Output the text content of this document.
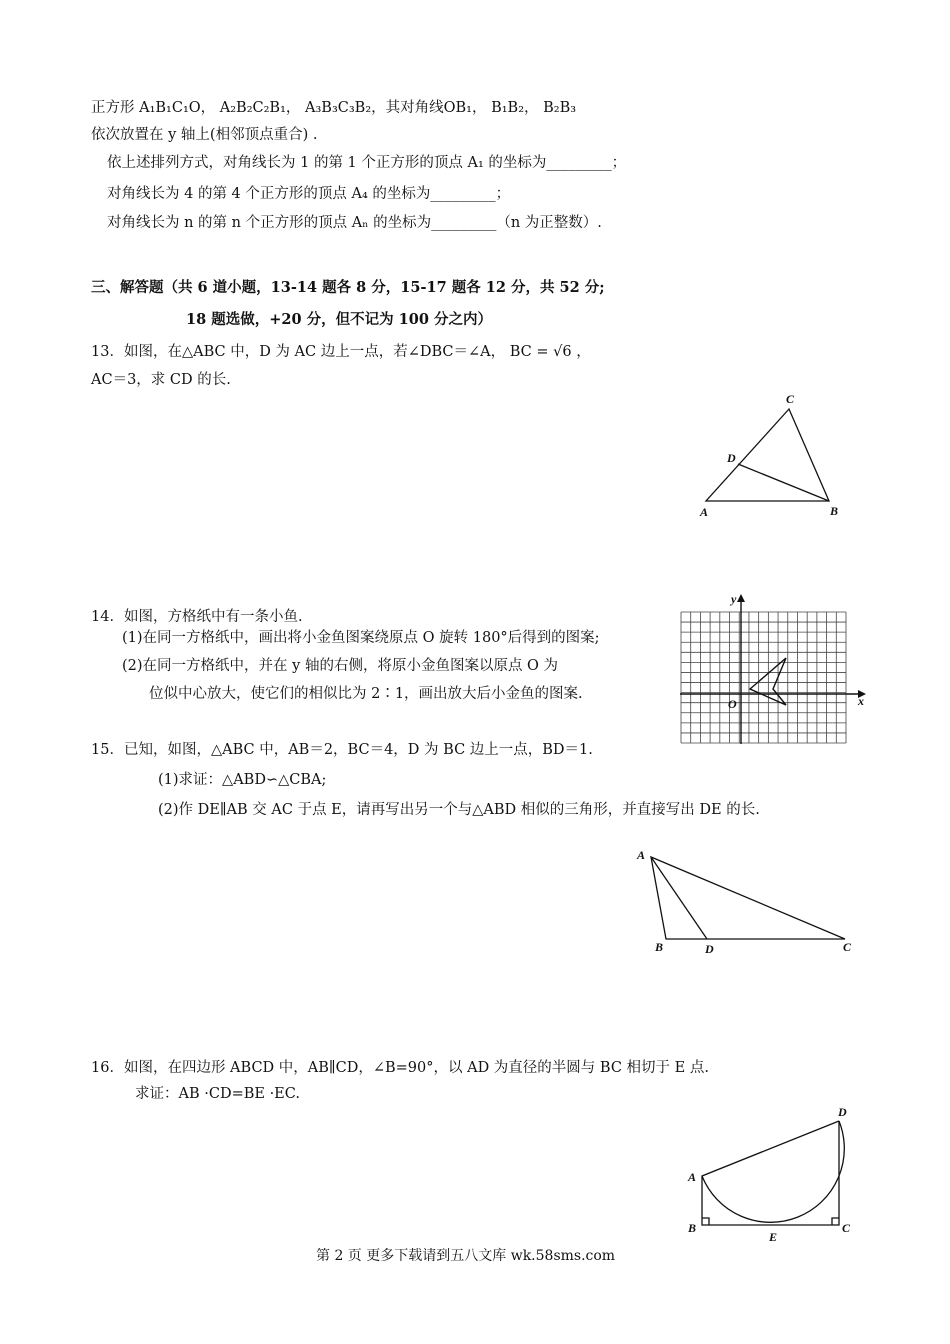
正方形 A₁B₁C₁O， A₂B₂C₂B₁， A₃B₃C₃B₂，其对角线OB₁， B₁B₂， B₂B₃
依次放置在 y 轴上(相邻顶点重合) .
依上述排列方式，对角线长为 1 的第 1 个正方形的顶点 A₁ 的坐标为_________；
对角线长为 4 的第 4 个正方形的顶点 A₄ 的坐标为_________；
对角线长为 n 的第 n 个正方形的顶点 Aₙ 的坐标为_________（n 为正整数）.
三、解答题（共 6 道小题，13-14 题各 8 分，15-17 题各 12 分，共 52 分;
18 题选做，+20 分，但不记为 100 分之内）
13．如图，在△ABC 中，D 为 AC 边上一点，若∠DBC＝∠A， BC = √6 ，
AC＝3，求 CD 的长.
C
D
A	B
14．如图，方格纸中有一条小鱼.
(1)在同一方格纸中，画出将小金鱼图案绕原点 O 旋转 180°后得到的图案;
(2)在同一方格纸中，并在 y 轴的右侧，将原小金鱼图案以原点 O 为
位似中心放大，使它们的相似比为 2∶1，画出放大后小金鱼的图案.	x
y
O
15．已知，如图，△ABC 中，AB＝2，BC＝4，D 为 BC 边上一点，BD＝1.
(1)求证：△ABD∽△CBA;
(2)作 DE∥AB 交 AC 于点 E，请再写出另一个与△ABD 相似的三角形，并直接写出 DE 的长.
A
B	D	C
16．如图，在四边形 ABCD 中，AB∥CD，∠B=90°，以 AD 为直径的半圆与 BC 相切于 E 点.
求证：AB ·CD=BE ·EC.
D
A
B	C
E
第 2 页 更多下载请到五八文库 wk.58sms.com
